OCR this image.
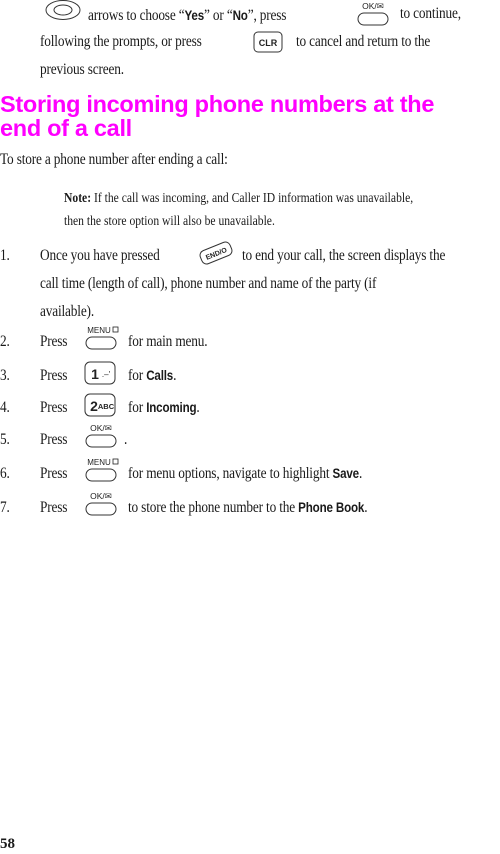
arrows to choose “Yes” or “No”, press
OK/✉ to continue,
following the prompts, or press	CLR to cancel and return to the
previous screen.
Storing incoming phone numbers at the
end of a call
To store a phone number after ending a call:
Note: If the call was incoming, and Caller ID information was unavailable,
then the store option will also be unavailable.
1. Once you have pressed	END/O to end your call, the screen displays the
call time (length of call), phone number and name of the party (if
available).
2. Press
MENU
for main menu.
3. Press 1 .–' for Calls.
4. Press 2 ABC for Incoming.
5. Press
OK/✉
.
6. Press
MENU
for menu options, navigate to highlight Save.
7. Press
OK/✉
to store the phone number to the Phone Book.
58
